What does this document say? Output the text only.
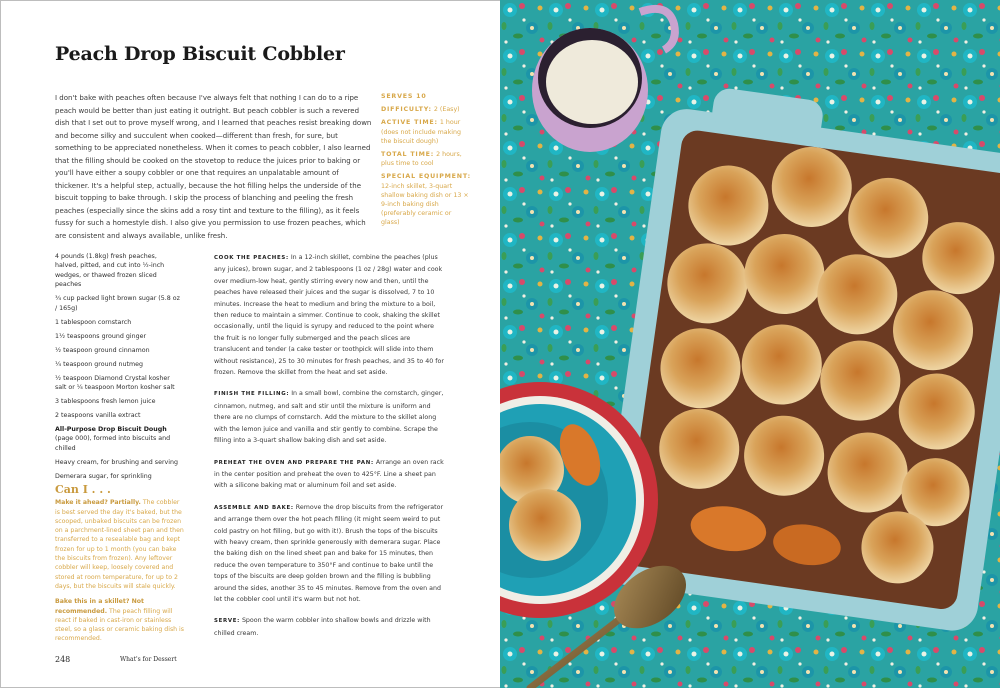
Peach Drop Biscuit Cobbler

I don't bake with peaches often because I've always felt that nothing I can do to a ripe peach would be better than just eating it outright. But peach cobbler is such a revered dish that I set out to prove myself wrong, and I learned that peaches resist breaking down and become silky and succulent when cooked—different than fresh, for sure, but something to be appreciated nonetheless. When it comes to peach cobbler, I also learned that the filling should be cooked on the stovetop to reduce the juices prior to baking or you'll have either a soupy cobbler or one that requires an unpalatable amount of thickener. It's a helpful step, actually, because the hot filling helps the underside of the biscuit topping to bake through. I skip the process of blanching and peeling the fresh peaches (especially since the skins add a rosy tint and texture to the filling), as it feels fussy for such a homestyle dish. I also give you permission to use frozen peaches, which are consistent and always available, unlike fresh.

SERVES 10
DIFFICULTY: 2 (Easy)
ACTIVE TIME: 1 hour (does not include making the biscuit dough)
TOTAL TIME: 2 hours, plus time to cool
SPECIAL EQUIPMENT: 12-inch skillet, 3-quart shallow baking dish or 13 × 9-inch baking dish (preferably ceramic or glass)
4 pounds (1.8kg) fresh peaches, halved, pitted, and cut into ½-inch wedges, or thawed frozen sliced peaches
¾ cup packed light brown sugar (5.8 oz / 165g)
1 tablespoon cornstarch
1½ teaspoons ground ginger
½ teaspoon ground cinnamon
¼ teaspoon ground nutmeg
½ teaspoon Diamond Crystal kosher salt or ¼ teaspoon Morton kosher salt
3 tablespoons fresh lemon juice
2 teaspoons vanilla extract
All-Purpose Drop Biscuit Dough (page 000), formed into biscuits and chilled
Heavy cream, for brushing and serving
Demerara sugar, for sprinkling
Can I . . .
Make it ahead? Partially. The cobbler is best served the day it's baked, but the scooped, unbaked biscuits can be frozen on a parchment-lined sheet pan and then transferred to a resealable bag and kept frozen for up to 1 month (you can bake the biscuits from frozen). Any leftover cobbler will keep, loosely covered and stored at room temperature, for up to 2 days, but the biscuits will stale quickly.
Bake this in a skillet? Not recommended. The peach filling will react if baked in cast-iron or stainless steel, so a glass or ceramic baking dish is recommended.
COOK THE PEACHES: In a 12-inch skillet, combine the peaches (plus any juices), brown sugar, and 2 tablespoons (1 oz / 28g) water and cook over medium-low heat, gently stirring every now and then, until the peaches have released their juices and the sugar is dissolved, 7 to 10 minutes. Increase the heat to medium and bring the mixture to a boil, then reduce to maintain a simmer. Continue to cook, shaking the skillet occasionally, until the liquid is syrupy and reduced to the point where the fruit is no longer fully submerged and the peach slices are translucent and tender (a cake tester or toothpick will slide into them without resistance), 25 to 30 minutes for fresh peaches, and 35 to 40 for frozen. Remove the skillet from the heat and set aside.
FINISH THE FILLING: In a small bowl, combine the cornstarch, ginger, cinnamon, nutmeg, and salt and stir until the mixture is uniform and there are no clumps of cornstarch. Add the mixture to the skillet along with the lemon juice and vanilla and stir gently to combine. Scrape the filling into a 3-quart shallow baking dish and set aside.
PREHEAT THE OVEN AND PREPARE THE PAN: Arrange an oven rack in the center position and preheat the oven to 425°F. Line a sheet pan with a silicone baking mat or aluminum foil and set aside.
ASSEMBLE AND BAKE: Remove the drop biscuits from the refrigerator and arrange them over the hot peach filling (it might seem weird to put cold pastry on hot filling, but go with it!). Brush the tops of the biscuits with heavy cream, then sprinkle generously with demerara sugar. Place the baking dish on the lined sheet pan and bake for 15 minutes, then reduce the oven temperature to 350°F and continue to bake until the tops of the biscuits are deep golden brown and the filling is bubbling around the sides, another 35 to 45 minutes. Remove from the oven and let the cobbler cool until it's warm but not hot.
SERVE: Spoon the warm cobbler into shallow bowls and drizzle with chilled cream.
248	What's for Dessert
